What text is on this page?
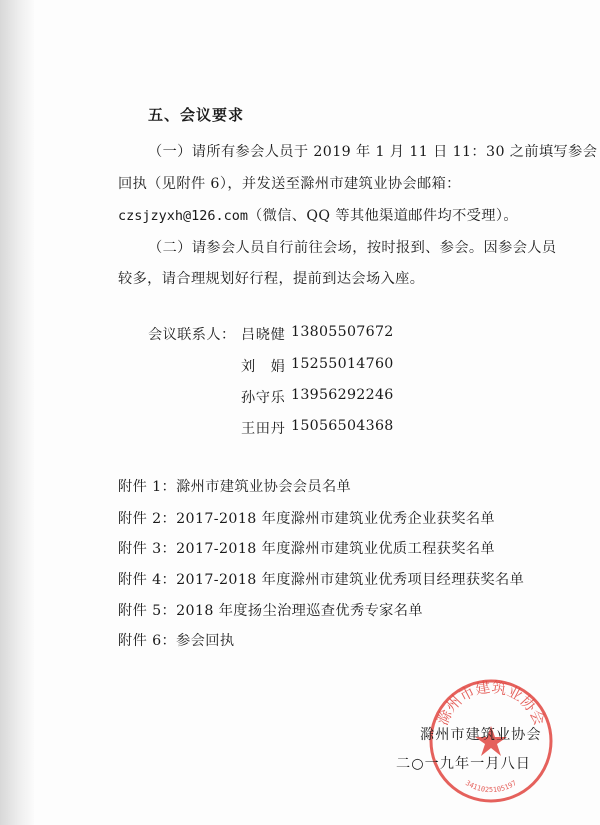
五、会议要求
（一）请所有参会人员于 2019 年 1 月 11 日 11：30 之前填写参会
回执（见附件 6），并发送至滁州市建筑业协会邮箱：
czsjzyxh@126.com（微信、QQ 等其他渠道邮件均不受理）。
（二）请参会人员自行前往会场，按时报到、参会。因参会人员
较多，请合理规划好行程，提前到达会场入座。
会议联系人： 吕晓健 13805507672
刘　娟 15255014760
孙守乐 13956292246
王田丹 15056504368
附件 1：滁州市建筑业协会会员名单
附件 2：2017-2018 年度滁州市建筑业优秀企业获奖名单
附件 3：2017-2018 年度滁州市建筑业优质工程获奖名单
附件 4：2017-2018 年度滁州市建筑业优秀项目经理获奖名单
附件 5：2018 年度扬尘治理巡查优秀专家名单
附件 6：参会回执
滁州市建筑业协会
3411025105197
滁州市建筑业协会
二○一九年一月八日
